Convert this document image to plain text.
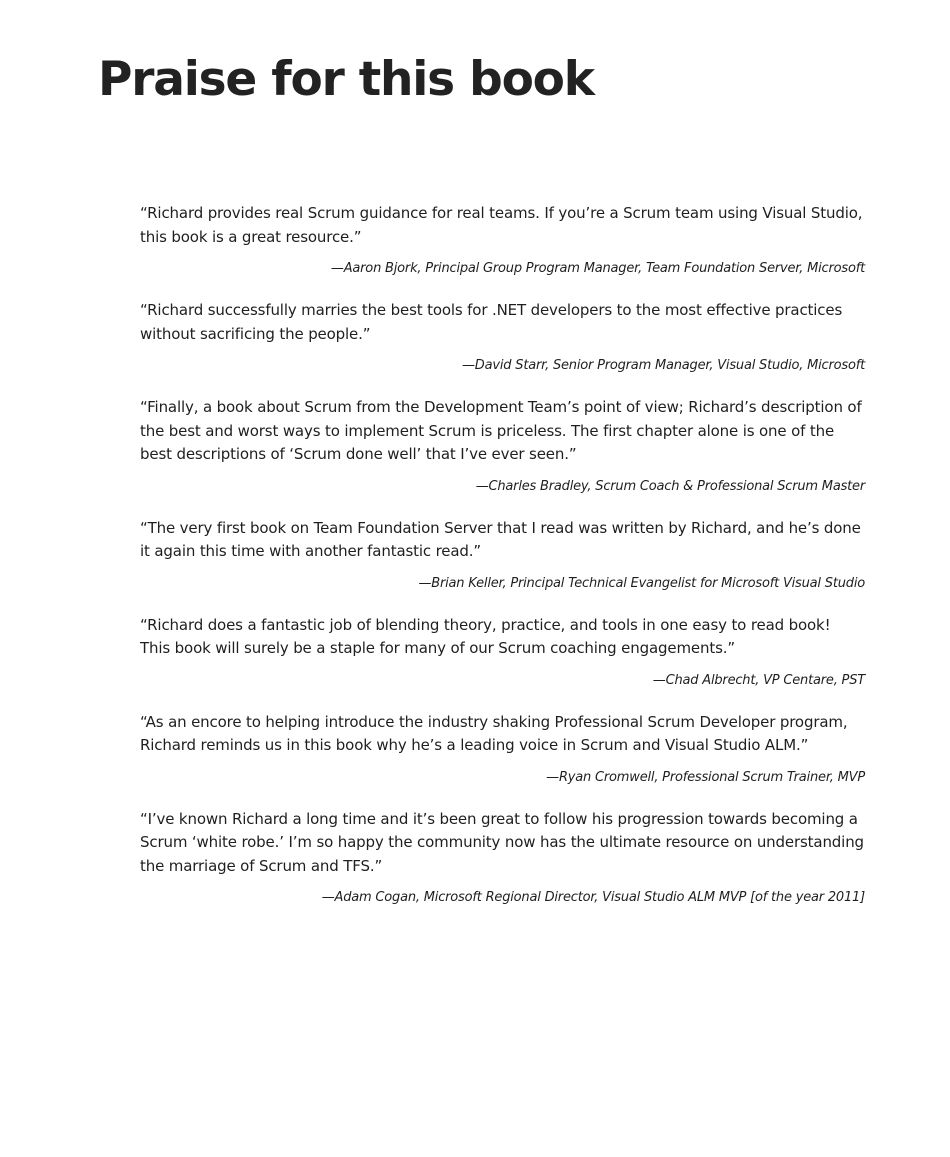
Praise for this book

“Richard provides real Scrum guidance for real teams. If you’re a Scrum team using Visual Studio, this book is a great resource.”

—Aaron Bjork, Principal Group Program Manager, Team Foundation Server, Microsoft

“Richard successfully marries the best tools for .NET developers to the most effective practices without sacrificing the people.”

—David Starr, Senior Program Manager, Visual Studio, Microsoft

“Finally, a book about Scrum from the Development Team’s point of view; Richard’s description of the best and worst ways to implement Scrum is priceless. The first chapter alone is one of the best descriptions of ‘Scrum done well’ that I’ve ever seen.”

—Charles Bradley, Scrum Coach & Professional Scrum Master

“The very first book on Team Foundation Server that I read was written by Richard, and he’s done it again this time with another fantastic read.”

—Brian Keller, Principal Technical Evangelist for Microsoft Visual Studio

“Richard does a fantastic job of blending theory, practice, and tools in one easy to read book! This book will surely be a staple for many of our Scrum coaching engagements.”

—Chad Albrecht, VP Centare, PST

“As an encore to helping introduce the industry shaking Professional Scrum Developer program, Richard reminds us in this book why he’s a leading voice in Scrum and Visual Studio ALM.”

—Ryan Cromwell, Professional Scrum Trainer, MVP

“I’ve known Richard a long time and it’s been great to follow his progression towards becoming a Scrum ‘white robe.’ I’m so happy the community now has the ultimate resource on understanding the marriage of Scrum and TFS.”

—Adam Cogan, Microsoft Regional Director, Visual Studio ALM MVP [of the year 2011]
